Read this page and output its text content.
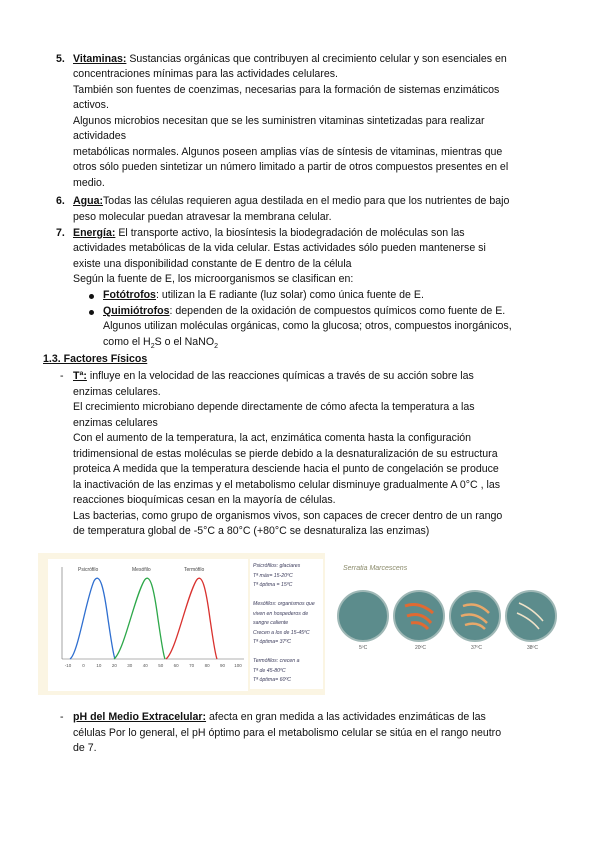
5. Vitaminas: Sustancias orgánicas que contribuyen al crecimiento celular y son esenciales en
concentraciones mínimas para las actividades celulares.
También son fuentes de coenzimas, necesarias para la formación de sistemas enzimáticos
activos.
Algunos microbios necesitan que se les suministren vitaminas sintetizadas para realizar
actividades
metabólicas normales. Algunos poseen amplias vías de síntesis de vitaminas, mientras que
otros sólo pueden sintetizar un número limitado a partir de otros compuestos presentes en el
medio.
6. Agua:Todas las células requieren agua destilada en el medio para que los nutrientes de bajo
peso molecular puedan atravesar la membrana celular.
7. Energía: El transporte activo, la biosíntesis la biodegradación de moléculas son las
actividades metabólicas de la vida celular. Estas actividades sólo pueden mantenerse si
existe una disponibilidad constante de E dentro de la célula
Según la fuente de E, los microorganismos se clasifican en:
Fotótrofos: utilizan la E radiante (luz solar) como única fuente de E.
Quimiótrofos: dependen de la oxidación de compuestos químicos como fuente de E.
Algunos utilizan moléculas orgánicas, como la glucosa; otros, compuestos inorgánicos,
como el $H_2S$ o el NaNO$_2$
1.3. Factores Físicos
- Tª: influye en la velocidad de las reacciones químicas a través de su acción sobre las
enzimas celulares.
El crecimiento microbiano depende directamente de cómo afecta la temperatura a las
enzimas celulares
Con el aumento de la temperatura, la act, enzimática comenta hasta la configuración
tridimensional de estas moléculas se pierde debido a la desnaturalización de su estructura
proteica A medida que la temperatura desciende hacia el punto de congelación se produce
la inactivación de las enzimas y el metabolismo celular disminuye gradualmente A 0°C , las
reacciones bioquímicas cesan en la mayoría de células.
Las bacterias, como grupo de organismos vivos, son capaces de crecer dentro de un rango
de temperatura global de -5°C a 80°C (+80°C se desnaturaliza las enzimas)
Psicrófilo	Mesófilo	Termófilo
-10 0	10 20 30 40 50 60 70 80 90 100
Psicrófilos: glaciares
Tª máx= 15-20ºC
Tª óptima = 15ºC
Mesófilos: organismos que
viven en hospederos de
sangre caliente
Crecen a los de 15-45ºC
Tª óptima= 37ºC
Termófilos: crecen a
Tª de 45-80ºC
Tª óptima= 60ºC
Serratia Marcescens
5ºC	20ºC	37ºC	38ºC
- pH del Medio Extracelular: afecta en gran medida a las actividades enzimáticas de las
células Por lo general, el pH óptimo para el metabolismo celular se sitúa en el rango neutro
de 7.
